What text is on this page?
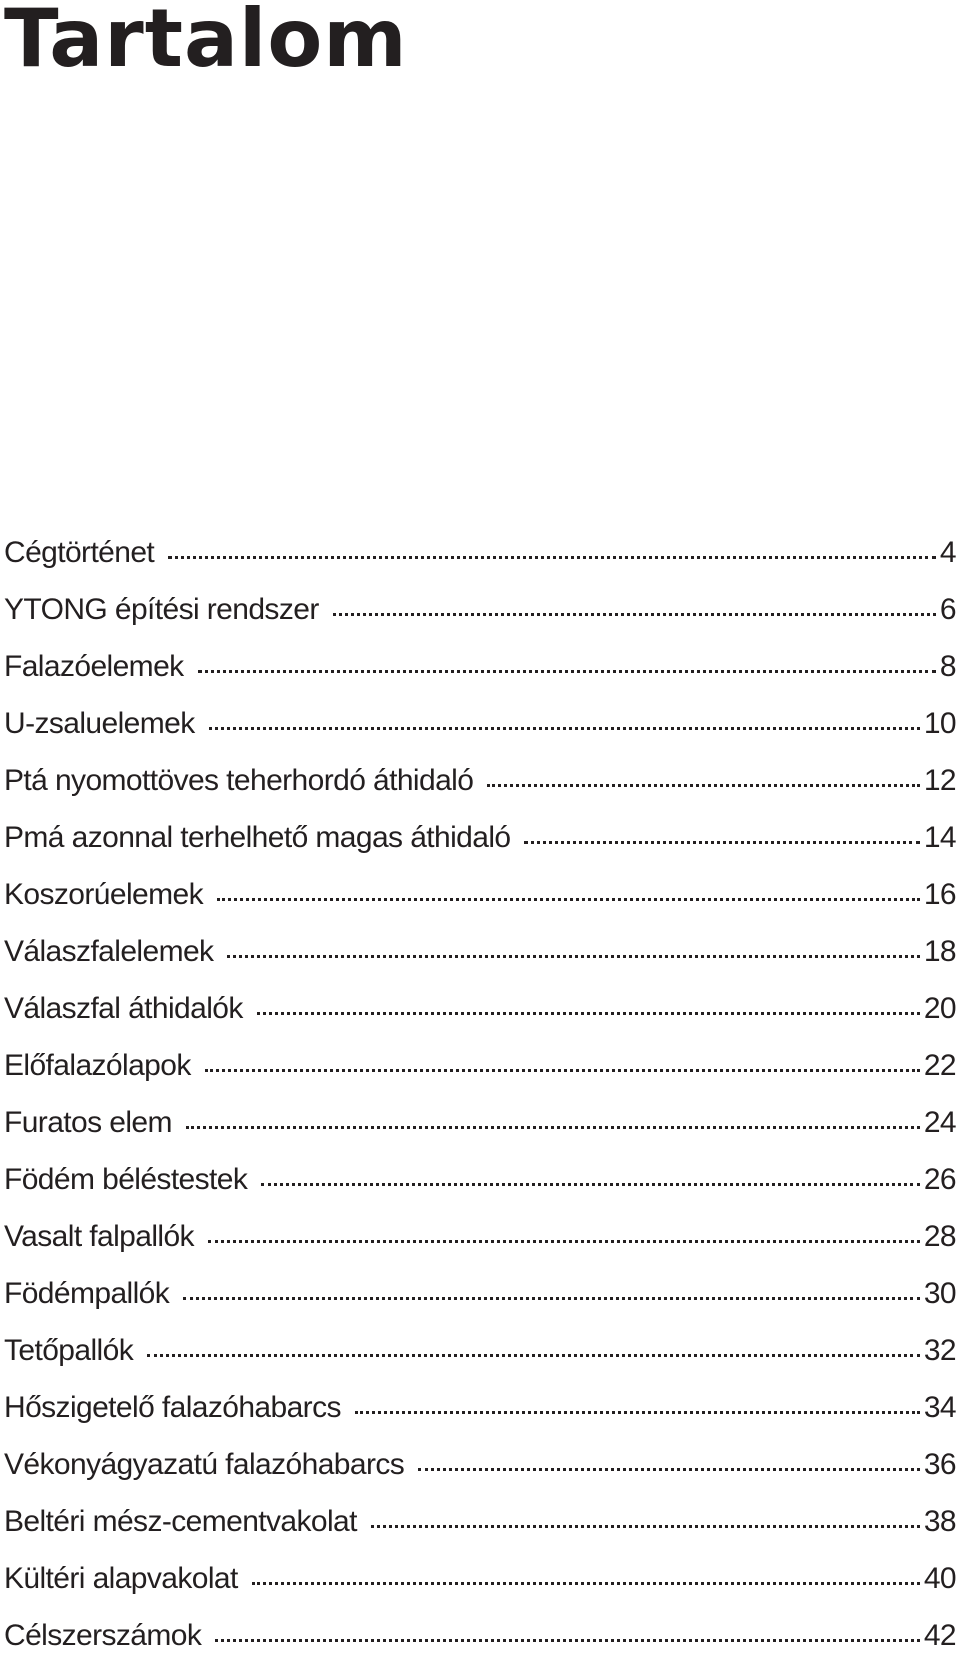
Tartalom
Cégtörténet	4
YTONG építési rendszer	6
Falazóelemek	8
U-zsaluelemek	10
Ptá nyomottöves teherhordó áthidaló	12
Pmá azonnal terhelhető magas áthidaló	14
Koszorúelemek	16
Válaszfalelemek	18
Válaszfal áthidalók	20
Előfalazólapok	22
Furatos elem	24
Födém béléstestek	26
Vasalt falpallók	28
Födémpallók	30
Tetőpallók	32
Hőszigetelő falazóhabarcs	34
Vékonyágyazatú falazóhabarcs	36
Beltéri mész-cementvakolat	38
Kültéri alapvakolat	40
Célszerszámok	42
